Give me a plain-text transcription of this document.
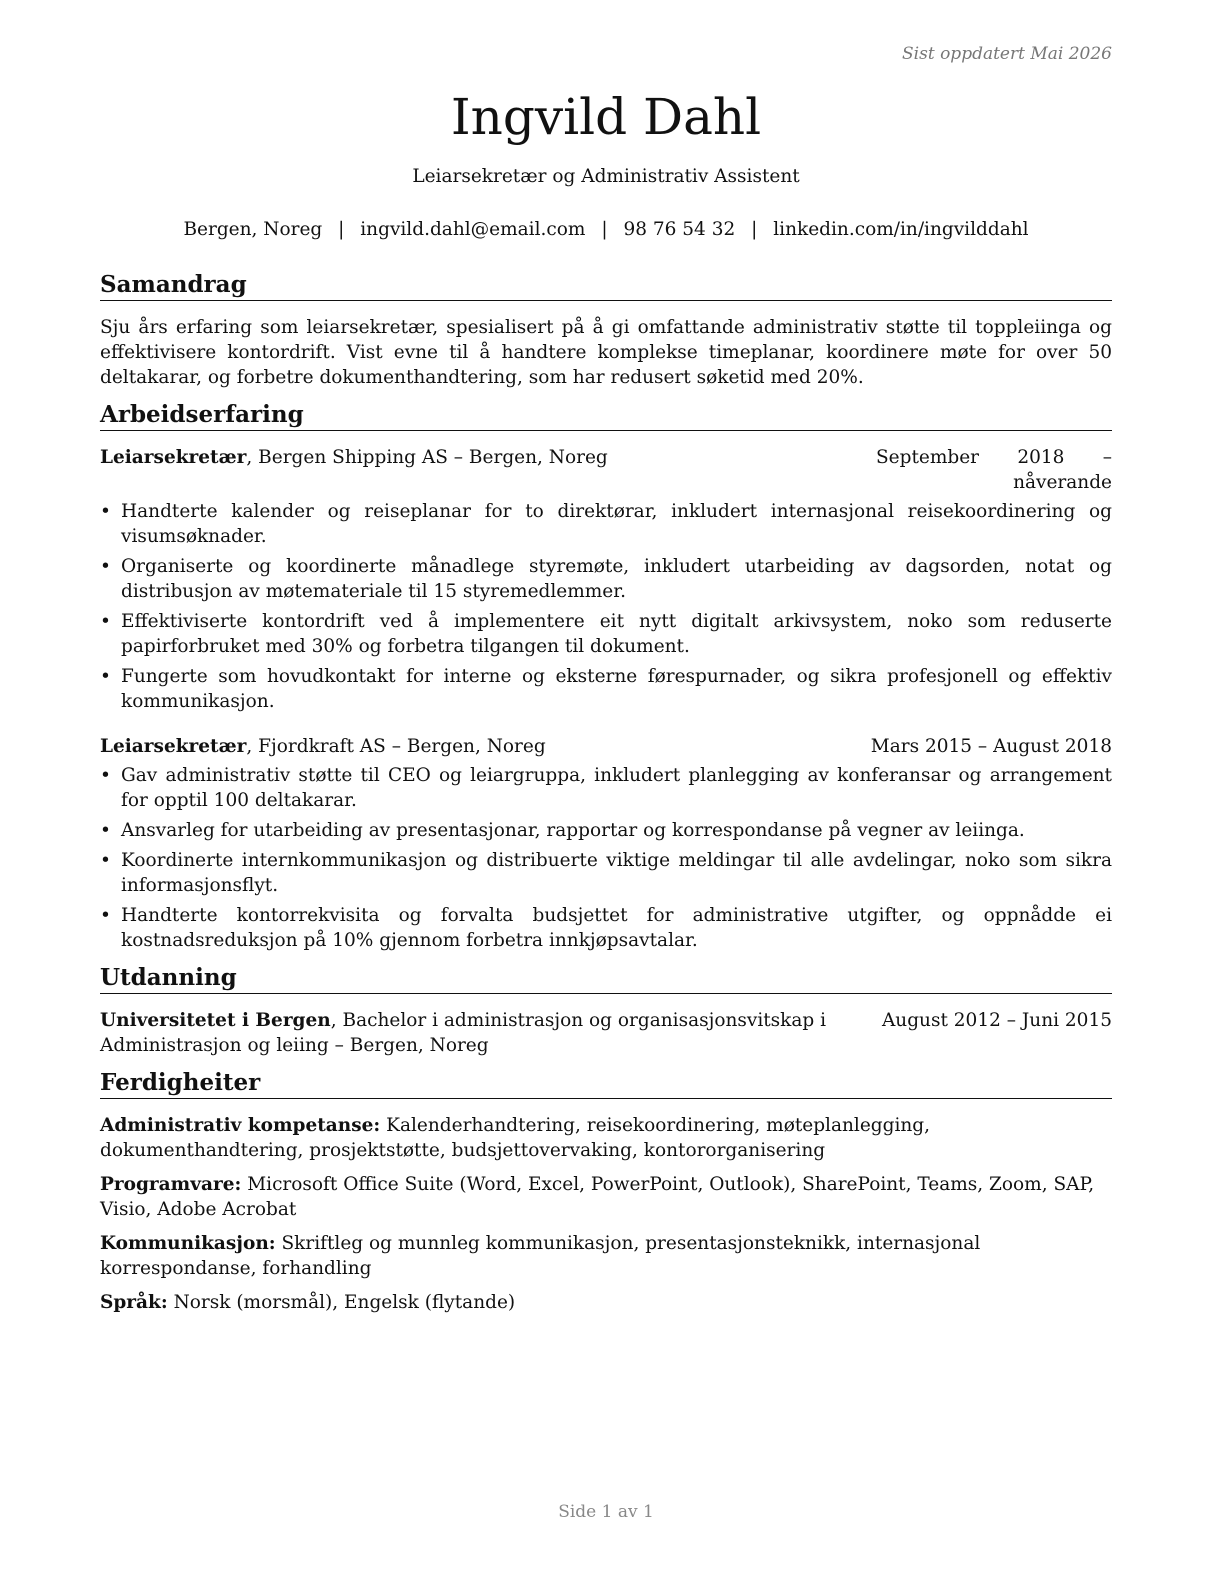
Sist oppdatert Mai 2026
Ingvild Dahl
Leiarsekretær og Administrativ Assistent
Bergen, Noreg | ingvild.dahl@email.com | 98 76 54 32 | linkedin.com/in/ingvilddahl
Samandrag

Sju års erfaring som leiarsekretær, spesialisert på å gi omfattande administrativ støtte til toppleiinga og effektivisere kontordrift. Vist evne til å handtere komplekse timeplanar, koordinere møte for over 50 deltakarar, og forbetre dokumenthandtering, som har redusert søketid med 20%.

Arbeidserfaring
Leiarsekretær, Bergen Shipping AS – Bergen, Noreg	September 2018 – nåverande
• Handterte kalender og reiseplanar for to direktørar, inkludert internasjonal reisekoordinering og visumsøknader.
• Organiserte og koordinerte månadlege styremøte, inkludert utarbeiding av dagsorden, notat og distribusjon av møtemateriale til 15 styremedlemmer.
• Effektiviserte kontordrift ved å implementere eit nytt digitalt arkivsystem, noko som reduserte papirforbruket med 30% og forbetra tilgangen til dokument.
• Fungerte som hovudkontakt for interne og eksterne førespurnader, og sikra profesjonell og effektiv kommunikasjon.
Leiarsekretær, Fjordkraft AS – Bergen, Noreg	Mars 2015 – August 2018
• Gav administrativ støtte til CEO og leiargruppa, inkludert planlegging av konferansar og arrangement for opptil 100 deltakarar.
• Ansvarleg for utarbeiding av presentasjonar, rapportar og korrespondanse på vegner av leiinga.
• Koordinerte internkommunikasjon og distribuerte viktige meldingar til alle avdelingar, noko som sikra informasjonsflyt.
• Handterte kontorrekvisita og forvalta budsjettet for administrative utgifter, og oppnådde ei kostnadsreduksjon på 10% gjennom forbetra innkjøpsavtalar.
Utdanning
Universitetet i Bergen, Bachelor i administrasjon og organisasjonsvitskap i Administrasjon og leiing – Bergen, Noreg
August 2012 – Juni 2015
Ferdigheiter
Administrativ kompetanse: Kalenderhandtering, reisekoordinering, møteplanlegging, dokumenthandtering, prosjektstøtte, budsjettovervaking, kontororganisering
Programvare: Microsoft Office Suite (Word, Excel, PowerPoint, Outlook), SharePoint, Teams, Zoom, SAP, Visio, Adobe Acrobat
Kommunikasjon: Skriftleg og munnleg kommunikasjon, presentasjonsteknikk, internasjonal korrespondanse, forhandling
Språk: Norsk (morsmål), Engelsk (flytande)
Side 1 av 1
